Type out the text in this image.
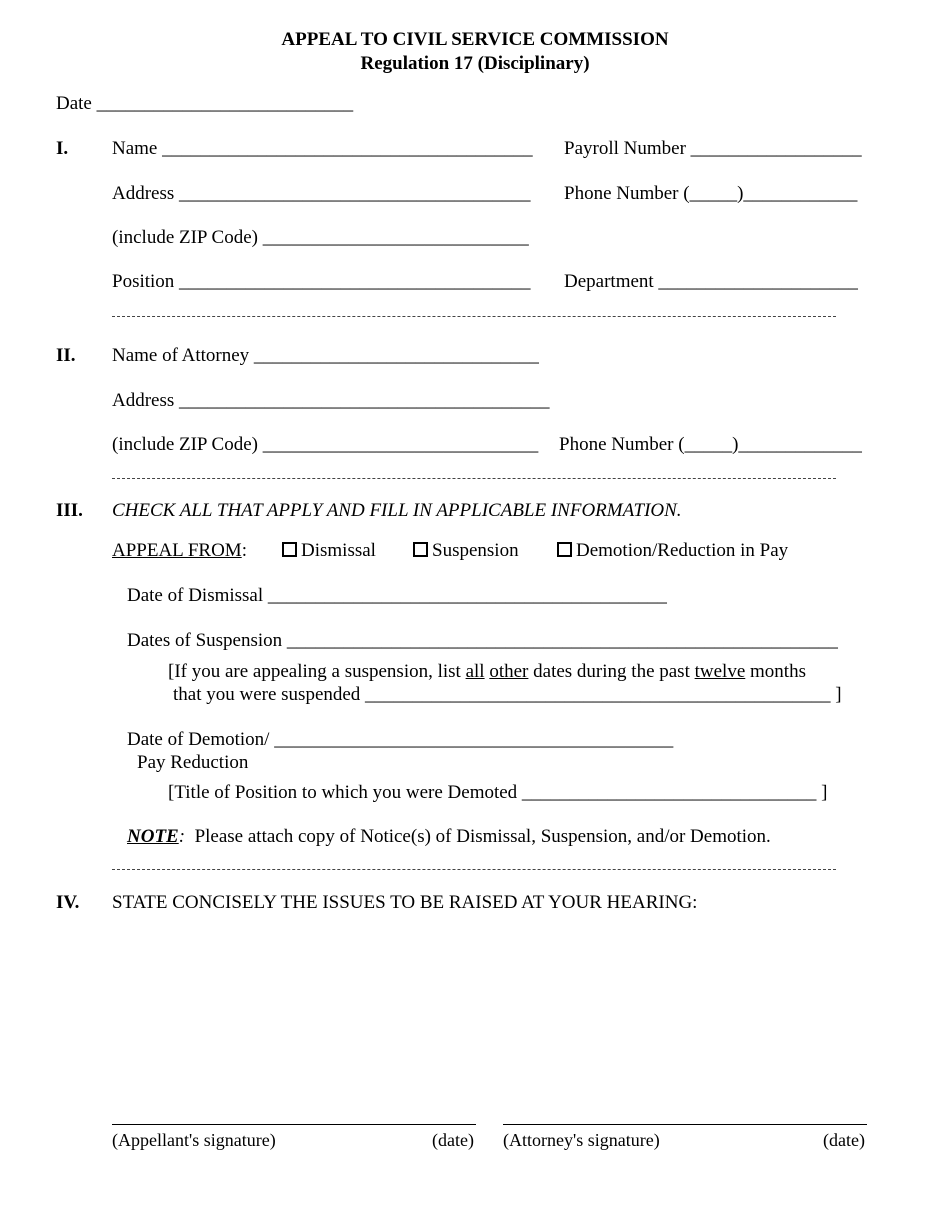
APPEAL TO CIVIL SERVICE COMMISSION
Regulation 17 (Disciplinary)
Date ___________________________
I. Name _______________________________________ Payroll Number __________________
Address _____________________________________ Phone Number (_____)____________
(include ZIP Code) ____________________________
Position _____________________________________ Department _____________________
II. Name of Attorney ______________________________
Address _______________________________________
(include ZIP Code) _____________________________ Phone Number (_____)_____________
III. CHECK ALL THAT APPLY AND FILL IN APPLICABLE INFORMATION.
APPEAL FROM:	Dismissal	Suspension	Demotion/Reduction in Pay
Date of Dismissal __________________________________________
Dates of Suspension __________________________________________________________
[If you are appealing a suspension, list all other dates during the past twelve months
that you were suspended _________________________________________________ ]
Date of Demotion/ __________________________________________
Pay Reduction
[Title of Position to which you were Demoted _______________________________ ]
NOTE:  Please attach copy of Notice(s) of Dismissal, Suspension, and/or Demotion.
IV. STATE CONCISELY THE ISSUES TO BE RAISED AT YOUR HEARING:
(Appellant's signature)	(date) (Attorney's signature)	(date)
